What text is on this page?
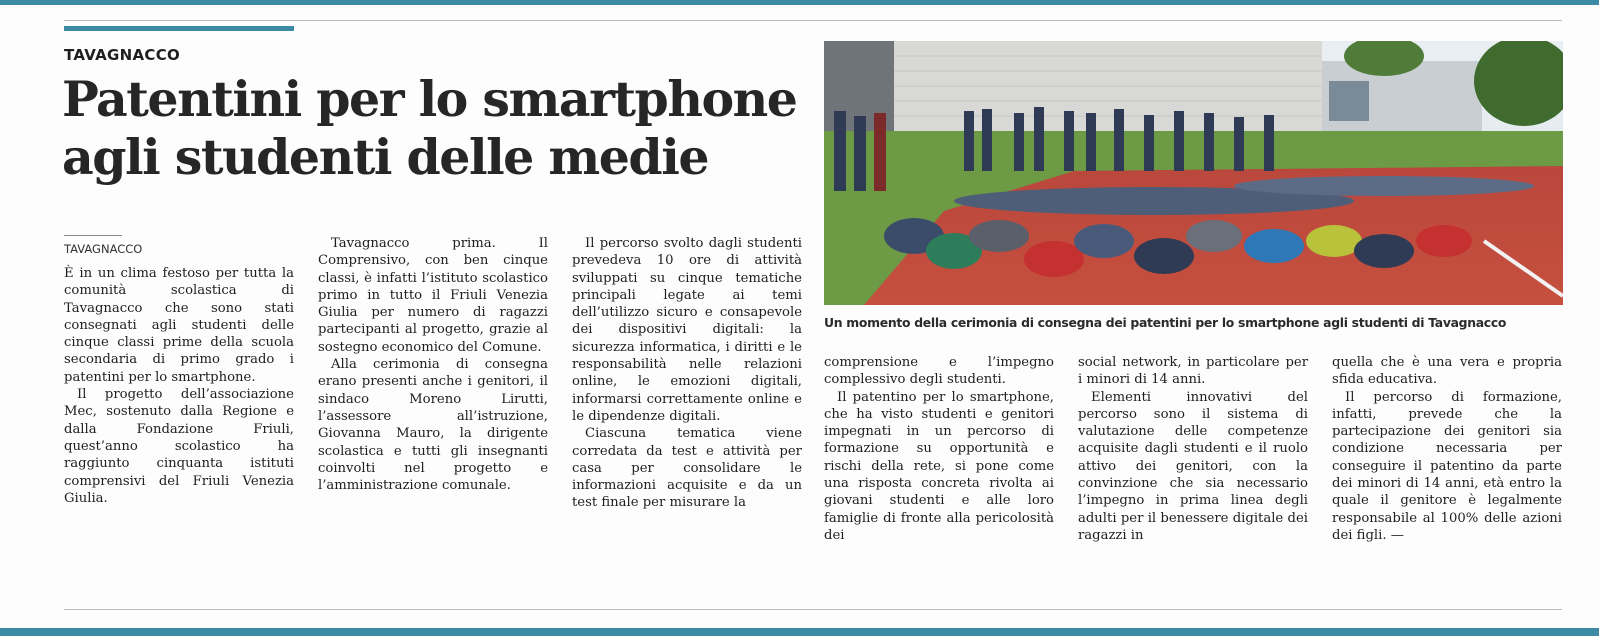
TAVAGNACCO
Patentini per lo smartphone
agli studenti delle medie
TAVAGNACCO

È in un clima festoso per tutta la comunità scolastica di Tavagnacco che sono stati consegnati agli studenti delle cinque classi prime della scuola secondaria di primo grado i patentini per lo smartphone.

Il progetto dell’associazione Mec, sostenuto dalla Regione e dalla Fondazione Friuli, quest’anno scolastico ha raggiunto cinquanta istituti comprensivi del Friuli Venezia Giulia.

Tavagnacco prima. Il Comprensivo, con ben cinque classi, è infatti l’istituto scolastico primo in tutto il Friuli Venezia Giulia per numero di ragazzi partecipanti al progetto, grazie al sostegno economico del Comune.

Alla cerimonia di consegna erano presenti anche i genitori, il sindaco Moreno Lirutti, l’assessore all’istruzione, Giovanna Mauro, la dirigente scolastica e tutti gli insegnanti coinvolti nel progetto e l’amministrazione comunale.

Il percorso svolto dagli studenti prevedeva 10 ore di attività sviluppati su cinque tematiche principali legate ai temi dell’utilizzo sicuro e consapevole dei dispositivi digitali: la sicurezza informatica, i diritti e le responsabilità nelle relazioni online, le emozioni digitali, informarsi correttamente online e le dipendenze digitali.

Ciascuna tematica viene corredata da test e attività per casa per consolidare le informazioni acquisite e da un test finale per misurare la

comprensione e l’impegno complessivo degli studenti.

Il patentino per lo smartphone, che ha visto studenti e genitori impegnati in un percorso di formazione su opportunità e rischi della rete, si pone come una risposta concreta rivolta ai giovani studenti e alle loro famiglie di fronte alla pericolosità dei

social network, in particolare per i minori di 14 anni.

Elementi innovativi del percorso sono il sistema di valutazione delle competenze acquisite dagli studenti e il ruolo attivo dei genitori, con la convinzione che sia necessario l’impegno in prima linea degli adulti per il benessere digitale dei ragazzi in

quella che è una vera e propria sfida educativa.

Il percorso di formazione, infatti, prevede che la partecipazione dei genitori sia condizione necessaria per conseguire il patentino da parte dei minori di 14 anni, età entro la quale il genitore è legalmente responsabile al 100% delle azioni dei figli. —

Un momento della cerimonia di consegna dei patentini per lo smartphone agli studenti di Tavagnacco
